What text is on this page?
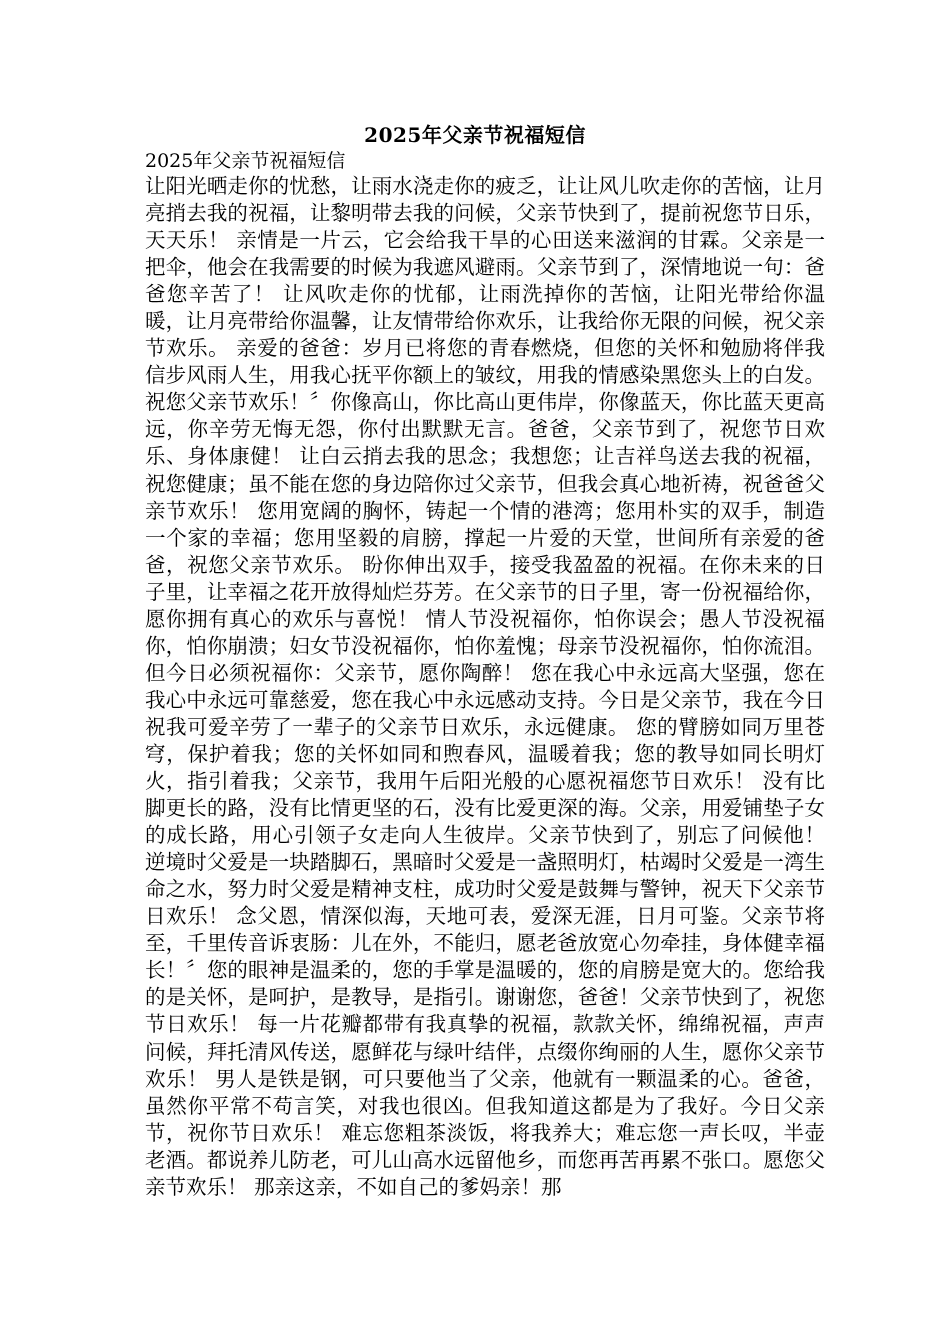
2025年父亲节祝福短信
2025年父亲节祝福短信
让阳光晒走你的忧愁，让雨水浇走你的疲乏，让让风儿吹走你的苦恼，让月亮捎去我的祝福，让黎明带去我的问候，父亲节快到了，提前祝您节日乐，天天乐！ 亲情是一片云，它会给我干旱的心田送来滋润的甘霖。父亲是一把伞，他会在我需要的时候为我遮风避雨。父亲节到了，深情地说一句：爸爸您辛苦了！ 让风吹走你的忧郁，让雨洗掉你的苦恼，让阳光带给你温暖，让月亮带给你温馨，让友情带给你欢乐，让我给你无限的问候，祝父亲节欢乐。 亲爱的爸爸：岁月已将您的青春燃烧，但您的关怀和勉励将伴我信步风雨人生，用我心抚平你额上的皱纹，用我的情感染黑您头上的白发。祝您父亲节欢乐！〞你像高山，你比高山更伟岸，你像蓝天，你比蓝天更高远，你辛劳无悔无怨，你付出默默无言。爸爸，父亲节到了，祝您节日欢乐、身体康健！ 让白云捎去我的思念；我想您；让吉祥鸟送去我的祝福，祝您健康；虽不能在您的身边陪你过父亲节，但我会真心地祈祷，祝爸爸父亲节欢乐！ 您用宽阔的胸怀，铸起一个情的港湾；您用朴实的双手，制造一个家的幸福；您用坚毅的肩膀，撑起一片爱的天堂，世间所有亲爱的爸爸，祝您父亲节欢乐。 盼你伸出双手，接受我盈盈的祝福。在你未来的日子里，让幸福之花开放得灿烂芬芳。在父亲节的日子里，寄一份祝福给你，愿你拥有真心的欢乐与喜悦！ 情人节没祝福你，怕你误会；愚人节没祝福你，怕你崩溃；妇女节没祝福你，怕你羞愧；母亲节没祝福你，怕你流泪。但今日必须祝福你：父亲节，愿你陶醉！ 您在我心中永远高大坚强，您在我心中永远可靠慈爱，您在我心中永远感动支持。今日是父亲节，我在今日祝我可爱辛劳了一辈子的父亲节日欢乐，永远健康。 您的臂膀如同万里苍穹，保护着我；您的关怀如同和煦春风，温暖着我；您的教导如同长明灯火，指引着我；父亲节，我用午后阳光般的心愿祝福您节日欢乐！ 没有比脚更长的路，没有比情更坚的石，没有比爱更深的海。父亲，用爱铺垫子女的成长路，用心引领子女走向人生彼岸。父亲节快到了，别忘了问候他！ 逆境时父爱是一块踏脚石，黑暗时父爱是一盏照明灯，枯竭时父爱是一湾生命之水，努力时父爱是精神支柱，成功时父爱是鼓舞与警钟，祝天下父亲节日欢乐！ 念父恩，情深似海，天地可表，爱深无涯，日月可鉴。父亲节将至，千里传音诉衷肠：儿在外，不能归，愿老爸放宽心勿牵挂，身体健幸福长！〞您的眼神是温柔的，您的手掌是温暖的，您的肩膀是宽大的。您给我的是关怀，是呵护，是教导，是指引。谢谢您，爸爸！父亲节快到了，祝您节日欢乐！ 每一片花瓣都带有我真挚的祝福，款款关怀，绵绵祝福，声声问候，拜托清风传送，愿鲜花与绿叶结伴，点缀你绚丽的人生，愿你父亲节欢乐！ 男人是铁是钢，可只要他当了父亲，他就有一颗温柔的心。爸爸，虽然你平常不苟言笑，对我也很凶。但我知道这都是为了我好。今日父亲节，祝你节日欢乐！ 难忘您粗茶淡饭，将我养大；难忘您一声长叹，半壶老酒。都说养儿防老，可儿山高水远留他乡，而您再苦再累不张口。愿您父亲节欢乐！ 那亲这亲，不如自己的爹妈亲！那
